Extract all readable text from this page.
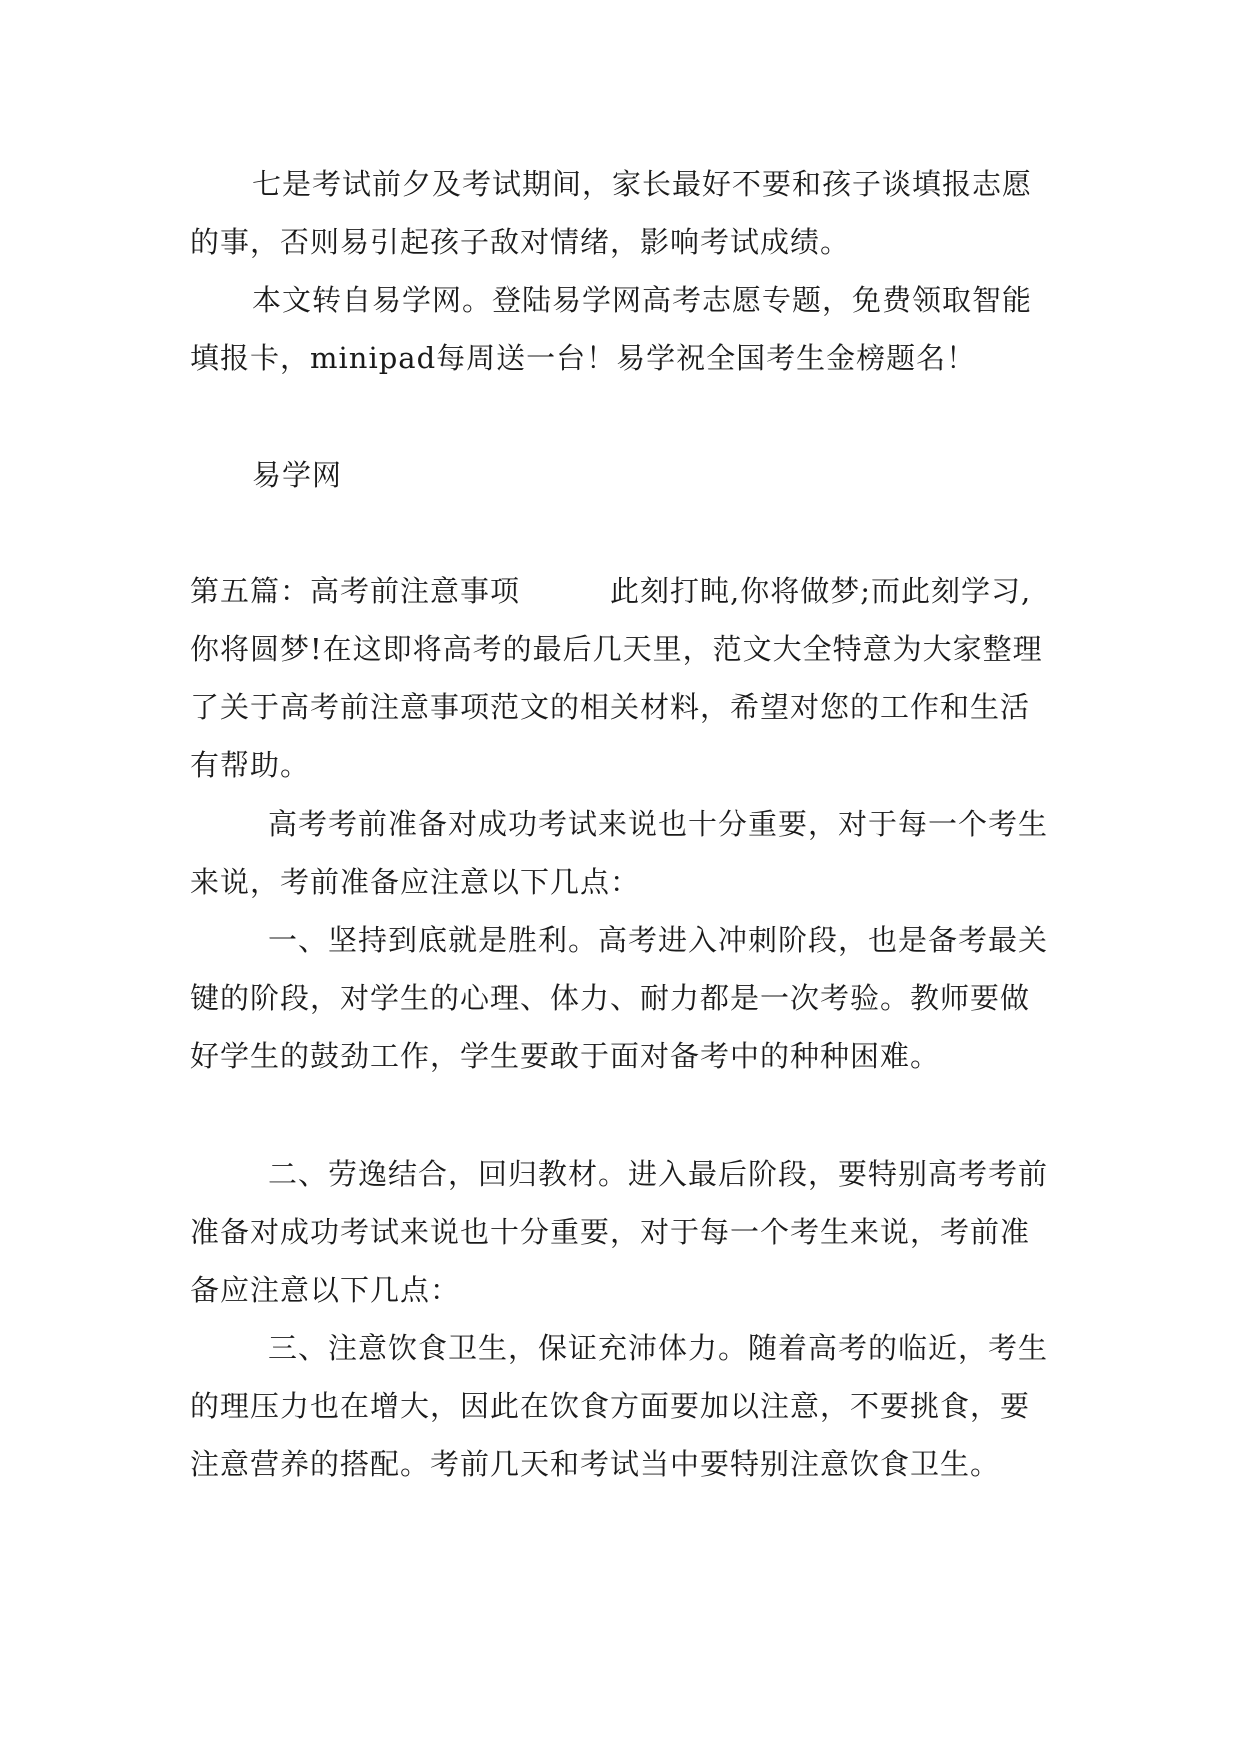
七是考试前夕及考试期间，家长最好不要和孩子谈填报志愿的事，否则易引起孩子敌对情绪，影响考试成绩。

本文转自易学网。登陆易学网高考志愿专题，免费领取智能填报卡，minipad每周送一台！易学祝全国考生金榜题名！

易学网

第五篇：高考前注意事项　　　此刻打盹,你将做梦;而此刻学习,你将圆梦!在这即将高考的最后几天里，范文大全特意为大家整理了关于高考前注意事项范文的相关材料，希望对您的工作和生活有帮助。

高考考前准备对成功考试来说也十分重要，对于每一个考生来说，考前准备应注意以下几点：

一、坚持到底就是胜利。高考进入冲刺阶段，也是备考最关键的阶段，对学生的心理、体力、耐力都是一次考验。教师要做好学生的鼓劲工作，学生要敢于面对备考中的种种困难。

二、劳逸结合，回归教材。进入最后阶段，要特别高考考前准备对成功考试来说也十分重要，对于每一个考生来说，考前准备应注意以下几点：

三、注意饮食卫生，保证充沛体力。随着高考的临近，考生的理压力也在增大，因此在饮食方面要加以注意，不要挑食，要注意营养的搭配。考前几天和考试当中要特别注意饮食卫生。
